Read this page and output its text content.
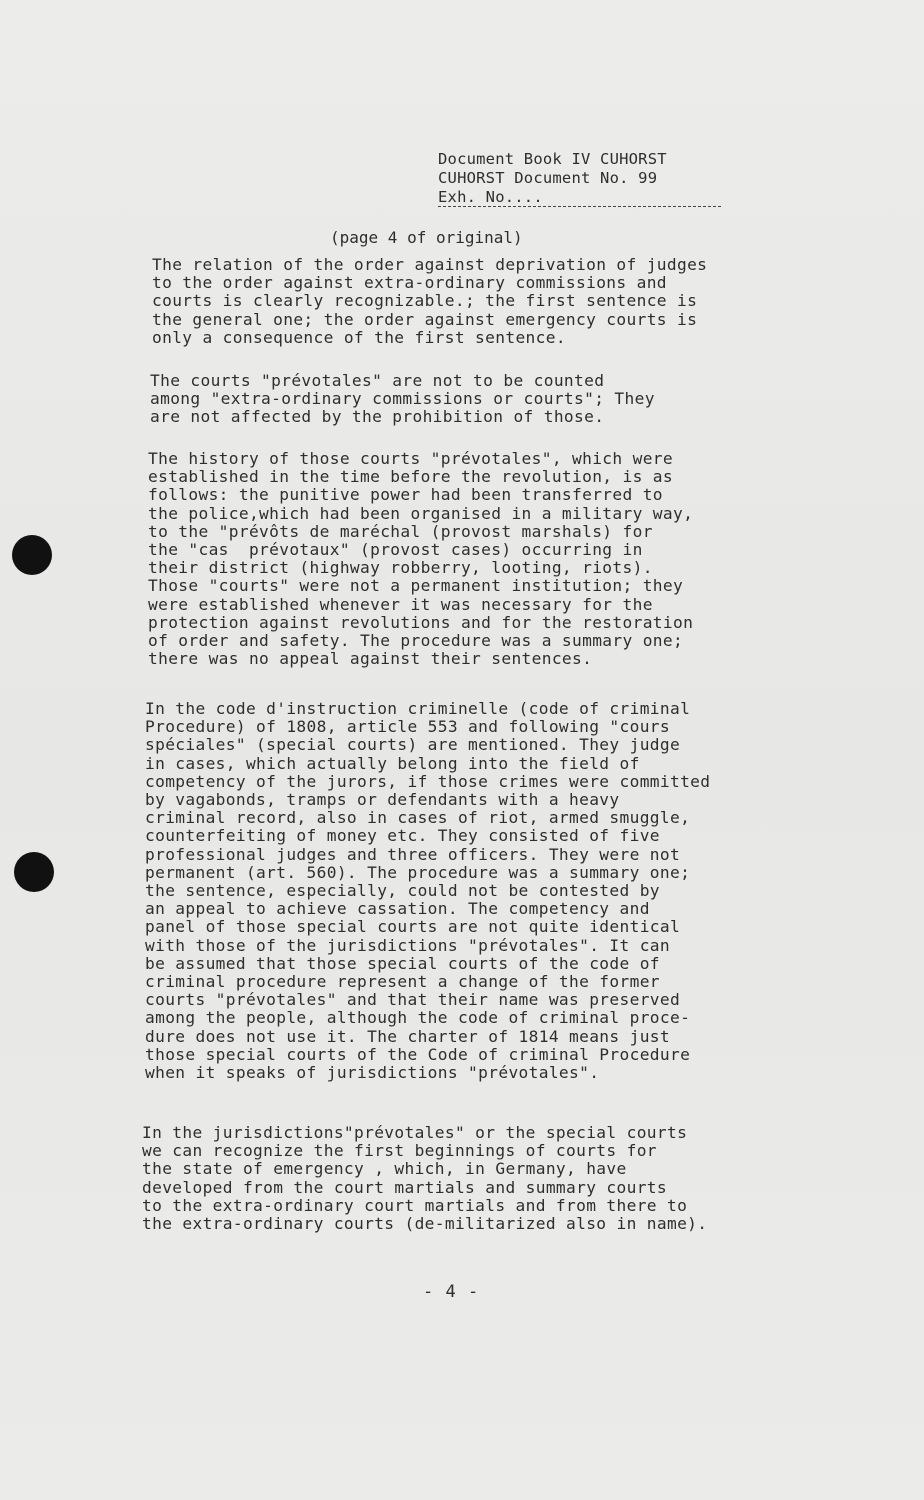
Document Book IV CUHORST
CUHORST Document No. 99
Exh. No....
(page 4 of original)
The relation of the order against deprivation of judges
to the order against extra-ordinary commissions and
courts is clearly recognizable.; the first sentence is
the general one; the order against emergency courts is
only a consequence of the first sentence.
The courts "prévotales" are not to be counted
among "extra-ordinary commissions or courts"; They
are not affected by the prohibition of those.
The history of those courts "prévotales", which were
established in the time before the revolution, is as
follows: the punitive power had been transferred to
the police,which had been organised in a military way,
to the "prévôts de maréchal (provost marshals) for
the "cas  prévotaux" (provost cases) occurring in
their district (highway robberry, looting, riots).
Those "courts" were not a permanent institution; they
were established whenever it was necessary for the
protection against revolutions and for the restoration
of order and safety. The procedure was a summary one;
there was no appeal against their sentences.
In the code d'instruction criminelle (code of criminal
Procedure) of 1808, article 553 and following "cours
spéciales" (special courts) are mentioned. They judge
in cases, which actually belong into the field of
competency of the jurors, if those crimes were committed
by vagabonds, tramps or defendants with a heavy
criminal record, also in cases of riot, armed smuggle,
counterfeiting of money etc. They consisted of five
professional judges and three officers. They were not
permanent (art. 560). The procedure was a summary one;
the sentence, especially, could not be contested by
an appeal to achieve cassation. The competency and
panel of those special courts are not quite identical
with those of the jurisdictions "prévotales". It can
be assumed that those special courts of the code of
criminal procedure represent a change of the former
courts "prévotales" and that their name was preserved
among the people, although the code of criminal proce-
dure does not use it. The charter of 1814 means just
those special courts of the Code of criminal Procedure
when it speaks of jurisdictions "prévotales".
In the jurisdictions"prévotales" or the special courts
we can recognize the first beginnings of courts for
the state of emergency , which, in Germany, have
developed from the court martials and summary courts
to the extra-ordinary court martials and from there to
the extra-ordinary courts (de-militarized also in name).
- 4 -
